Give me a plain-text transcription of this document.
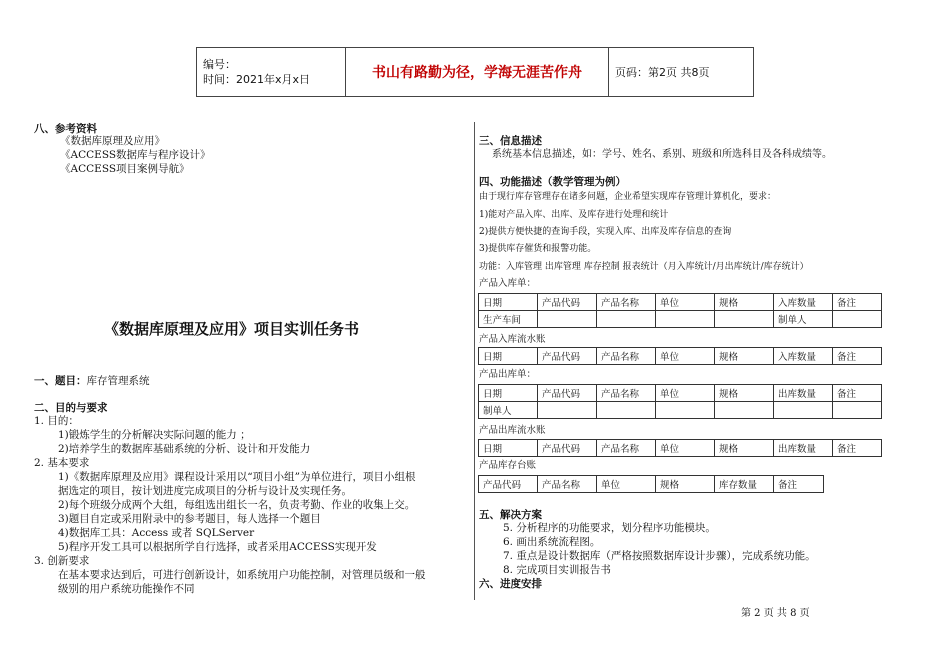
编号：
时间：2021年x月x日	书山有路勤为径，学海无涯苦作舟	页码：第2页 共8页
八、参考资料
《数据库原理及应用》
《ACCESS数据库与程序设计》
《ACCESS项目案例导航》
《数据库原理及应用》项目实训任务书
一、题目：库存管理系统
二、目的与要求
1. 目的：
1)锻炼学生的分析解决实际问题的能力 ；
2)培养学生的数据库基础系统的分析、设计和开发能力
2. 基本要求
1)《数据库原理及应用》课程设计采用以“项目小组”为单位进行，项目小组根
据选定的项目，按计划进度完成项目的分析与设计及实现任务。
2)每个班级分成两个大组，每组选出组长一名，负责考勤、作业的收集上交。
3)题目自定或采用附录中的参考题目，每人选择一个题目
4)数据库工具：Access 或者 SQLServer
5)程序开发工具可以根据所学自行选择，或者采用ACCESS实现开发
3. 创新要求
在基本要求达到后，可进行创新设计，如系统用户功能控制，对管理员级和一般
级别的用户系统功能操作不同
三、信息描述
系统基本信息描述，如：学号、姓名、系别、班级和所选科目及各科成绩等。
四、功能描述（教学管理为例）
由于现行库存管理存在诸多问题，企业希望实现库存管理计算机化，要求：
1)能对产品入库、出库、及库存进行处理和统计
2)提供方便快捷的查询手段，实现入库、出库及库存信息的查询
3)提供库存催货和报警功能。
功能：入库管理 出库管理 库存控制 报表统计（月入库统计/月出库统计/库存统计）
产品入库单：
日期	产品代码	产品名称	单位	规格	入库数量	备注
生产车间					制单人	
产品入库流水账
日期	产品代码	产品名称	单位	规格	入库数量	备注
产品出库单：
日期	产品代码	产品名称	单位	规格	出库数量	备注
制单人						
产品出库流水账
日期	产品代码	产品名称	单位	规格	出库数量	备注
产品库存台账
产品代码	产品名称	单位	规格	库存数量	备注
五、解决方案
5. 分析程序的功能要求，划分程序功能模块。
6. 画出系统流程图。
7. 重点是设计数据库（严格按照数据库设计步骤），完成系统功能。
8. 完成项目实训报告书
六、进度安排
第 2 页 共 8 页
